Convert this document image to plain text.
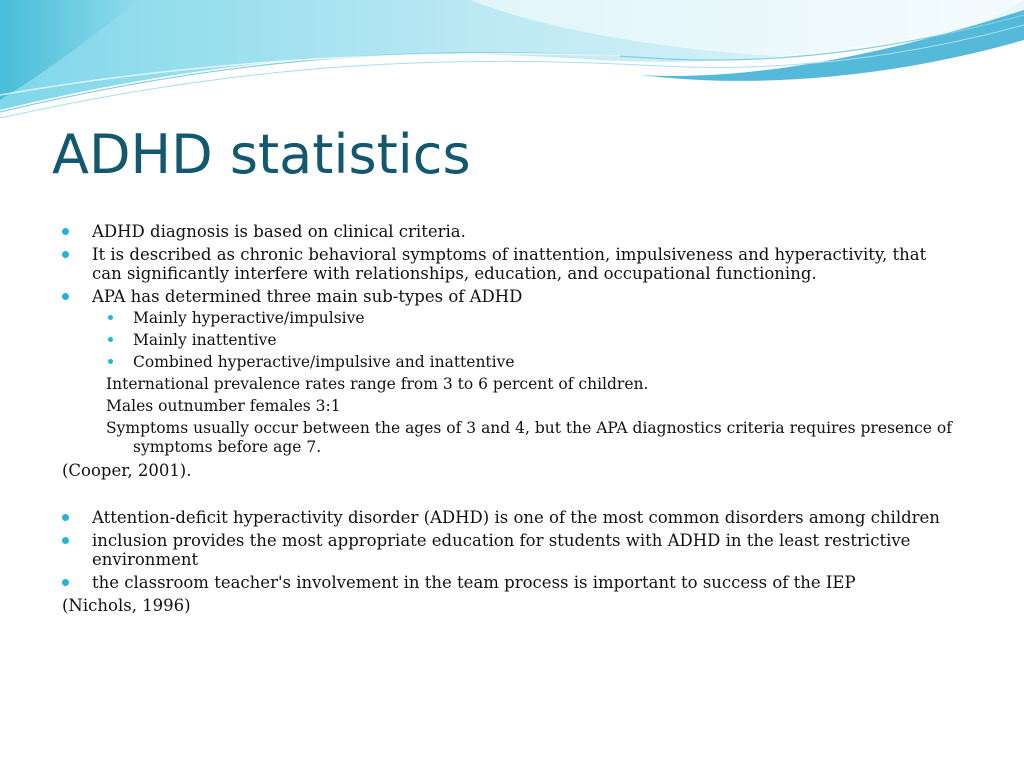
ADHD statistics
ADHD diagnosis is based on clinical criteria.
It is described as chronic behavioral symptoms of inattention, impulsiveness and hyperactivity, that can significantly interfere with relationships, education, and occupational functioning.
APA has determined three main sub-types of ADHD
Mainly hyperactive/impulsive
Mainly inattentive
Combined hyperactive/impulsive and inattentive
International prevalence rates range from 3 to 6 percent of children.
Males outnumber females 3:1
Symptoms usually occur between the ages of 3 and 4, but the APA diagnostics criteria requires presence of symptoms before age 7.
(Cooper, 2001).
Attention-deficit hyperactivity disorder (ADHD) is one of the most common disorders among children
inclusion provides the most appropriate education for students with ADHD in the least restrictive environment
the classroom teacher's involvement in the team process is important to success of the IEP
(Nichols, 1996)
